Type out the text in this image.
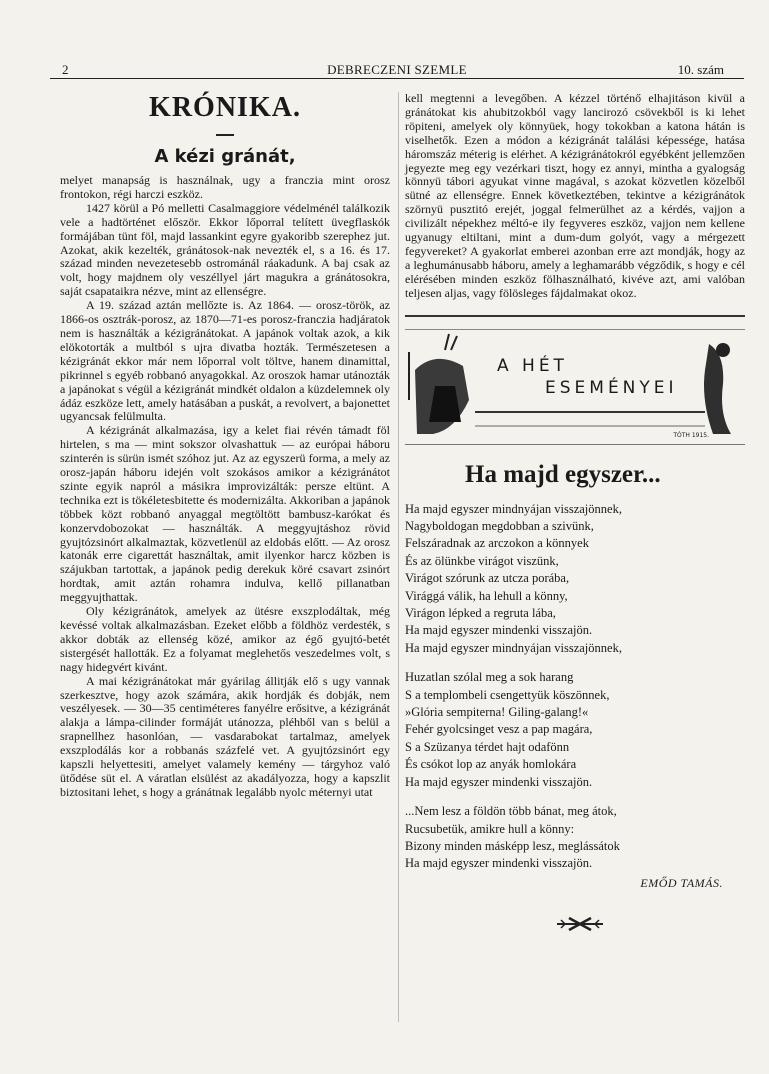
2	DEBRECZENI SZEMLE	10. szám
KRÓNIKA.
A kézi gránát,

melyet manapság is használnak, ugy a franczia mint orosz frontokon, régi harczi eszköz.

1427 körül a Pó melletti Casalmaggiore védelménél találkozik vele a hadtörténet először. Ekkor lőporral telített üvegflaskók formájában tünt föl, majd lassankint egyre gyakoribb szerephez jut. Azokat, akik kezelték, gránátosok-nak nevezték el, s a 16. és 17. század minden nevezetesebb ostrománál ráakadunk. A baj csak az volt, hogy majdnem oly veszéllyel járt magukra a gránátosokra, saját csapataikra nézve, mint az ellenségre.

A 19. század aztán mellőzte is. Az 1864. — orosz-török, az 1866-os osztrák-porosz, az 1870—71-es porosz-franczia hadjáratok nem is használták a kézigránátokat. A japánok voltak azok, a kik elökotorták a multból s ujra divatba hozták. Természetesen a kézigránát ekkor már nem lőporral volt töltve, hanem dinamittal, pikrinnel s egyéb robbanó anyagokkal. Az oroszok hamar utánozták a japánokat s végül a kézigránát mindkét oldalon a küzdelemnek oly ádáz eszköze lett, amely hatásában a puskát, a revolvert, a bajonettet ugyancsak felülmulta.

A kézigránát alkalmazása, igy a kelet fiai révén támadt föl hirtelen, s ma — mint sokszor olvashattuk — az európai háboru szinterén is sürün ismét szóhoz jut. Az az egyszerü forma, a mely az orosz-japán háboru idején volt szokásos amikor a kézigránátot szinte egyik napról a másikra improvizálták: persze eltünt. A technika ezt is tökéletesbitette és modernizálta. Akkoriban a japánok többek közt robbanó anyaggal megtöltött bambusz-karókat és konzervdobozokat — használták. A meggyujtáshoz rövid gyujtózsinórt alkalmaztak, közvetlenül az eldobás előtt. — Az orosz katonák erre cigarettát használtak, amit ilyenkor harcz közben is szájukban tartottak, a japánok pedig derekuk köré csavart zsinórt hordtak, amit aztán rohamra indulva, kellő pillanatban meggyujthattak.

Oly kézigránátok, amelyek az ütésre exszplodáltak, még kevéssé voltak alkalmazásban. Ezeket előbb a földhöz verdesték, s akkor dobták az ellenség közé, amikor az égő gyujtó-betét sistergését hallották. Ez a folyamat meglehetős veszedelmes volt, s nagy hidegvért kivánt.

A mai kézigránátokat már gyárilag állitják elő s ugy vannak szerkesztve, hogy azok számára, akik hordják és dobják, nem veszélyesek. — 30—35 centiméteres fanyélre erősitve, a kézigránát alakja a lámpa-cilinder formáját utánozza, pléhből van s belül a srapnellhez hasonlóan, — vasdarabokat tartalmaz, amelyek exszplodálás kor a robbanás százfelé vet. A gyujtózsinórt egy kapszli helyettesiti, amelyet valamely kemény — tárgyhoz való ütődése süt el. A váratlan elsülést az akadályozza, hogy a kapszlit biztositani lehet, s hogy a gránátnak legalább nyolc méternyi utat

kell megtenni a levegőben. A kézzel történő elhajitáson kivül a gránátokat kis ahubitzokból vagy lancirozó csövekből is ki lehet röpiteni, amelyek oly könnyüek, hogy tokokban a katona hátán is viselhetők. Ezen a módon a kézigránát találási képessége, hatása háromszáz méterig is elérhet. A kézigránátokról egyébként jellemzően jegyezte meg egy vezérkari tiszt, hogy ez annyi, mintha a gyalogság könnyü tábori agyukat vinne magával, s azokat közvetlen közelből sütné az ellenségre. Ennek következtében, tekintve a kézigránátok szörnyü pusztitó erejét, joggal felmerülhet az a kérdés, vajjon a civilizált népekhez méltó-e ily fegyveres eszköz, vajjon nem kellene ugyanugy eltiltani, mint a dum-dum golyót, vagy a mérgezett fegyvereket? A gyakorlat emberei azonban erre azt mondják, hogy az a leghumánusabb háboru, amely a leghamarább végződik, s hogy e cél elérésében minden eszköz fölhasználható, kivéve azt, ami valóban teljesen aljas, vagy fölösleges fájdalmakat okoz.

A HÉT
ESEMÉNYEI
TÓTH 1915.
Ha majd egyszer...
Ha majd egyszer mindnyájan visszajönnek,
Nagyboldogan megdobban a szivünk,
Felszáradnak az arczokon a könnyek
És az ölünkbe virágot viszünk,
Virágot szórunk az utcza porába,
Virággá válik, ha lehull a könny,
Virágon lépked a regruta lába,
Ha majd egyszer mindenki visszajön.
Ha majd egyszer mindnyájan visszajönnek,
Huzatlan szólal meg a sok harang
S a templombeli csengettyük köszönnek,
»Glória sempiterna! Giling-galang!«
Fehér gyolcsinget vesz a pap magára,
S a Szüzanya térdet hajt odafönn
És csókot lop az anyák homlokára
Ha majd egyszer mindenki visszajön.
...Nem lesz a földön több bánat, meg átok,
Rucsubetük, amikre hull a könny:
Bizony minden másképp lesz, meglássátok
Ha majd egyszer mindenki visszajön.
EMŐD TAMÁS.
